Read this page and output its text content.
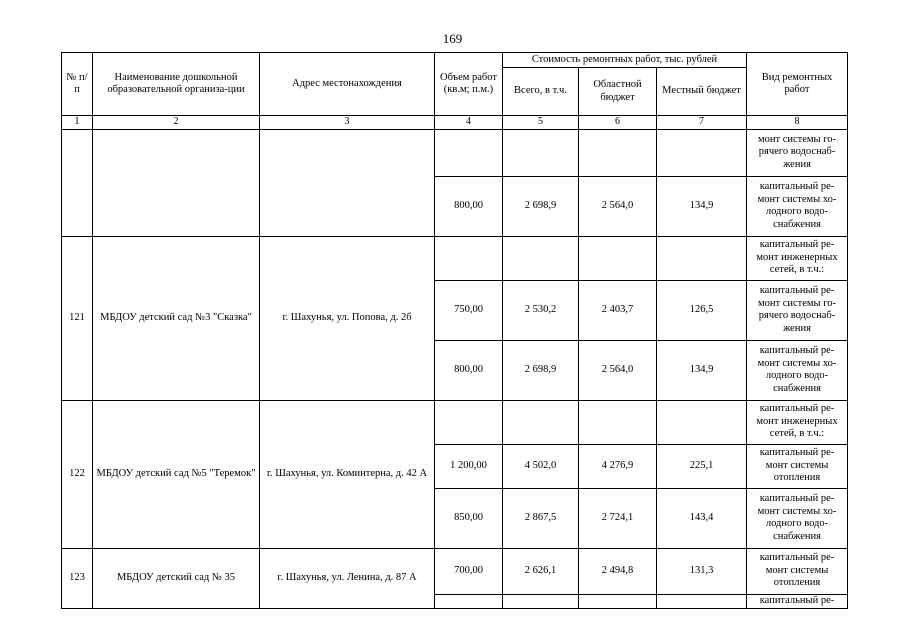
169
№ п/п	Наименование дошкольной образовательной организа-ции	Адрес местонахождения	Объем работ (кв.м; п.м.)	Стоимость ремонтных работ, тыс. рублей			Вид ремонтных работ
				Всего, в т.ч.	Областной бюджет	Местный бюджет	
1	2	3	4	5	6	7	8
							монт системы го-рячего водоснаб-жения
			800,00	2 698,9	2 564,0	134,9	капитальный ре-монт системы хо-лодного водо-снабжения
121	МБДОУ детский сад №3 "Сказка"	г. Шахунья, ул. Попова, д. 2б					капитальный ре-монт инженерных сетей, в т.ч.:
			750,00	2 530,2	2 403,7	126,5	капитальный ре-монт системы го-рячего водоснаб-жения
			800,00	2 698,9	2 564,0	134,9	капитальный ре-монт системы хо-лодного водо-снабжения
122	МБДОУ детский сад №5 "Теремок"	г. Шахунья, ул. Коминтерна, д. 42 А					капитальный ре-монт инженерных сетей, в т.ч.:
			1 200,00	4 502,0	4 276,9	225,1	капитальный ре-монт системы отопления
			850,00	2 867,5	2 724,1	143,4	капитальный ре-монт системы хо-лодного водо-снабжения
123	МБДОУ детский сад № 35	г. Шахунья, ул. Ленина, д. 87 А	700,00	2 626,1	2 494,8	131,3	капитальный ре-монт системы отопления
							капитальный ре-
